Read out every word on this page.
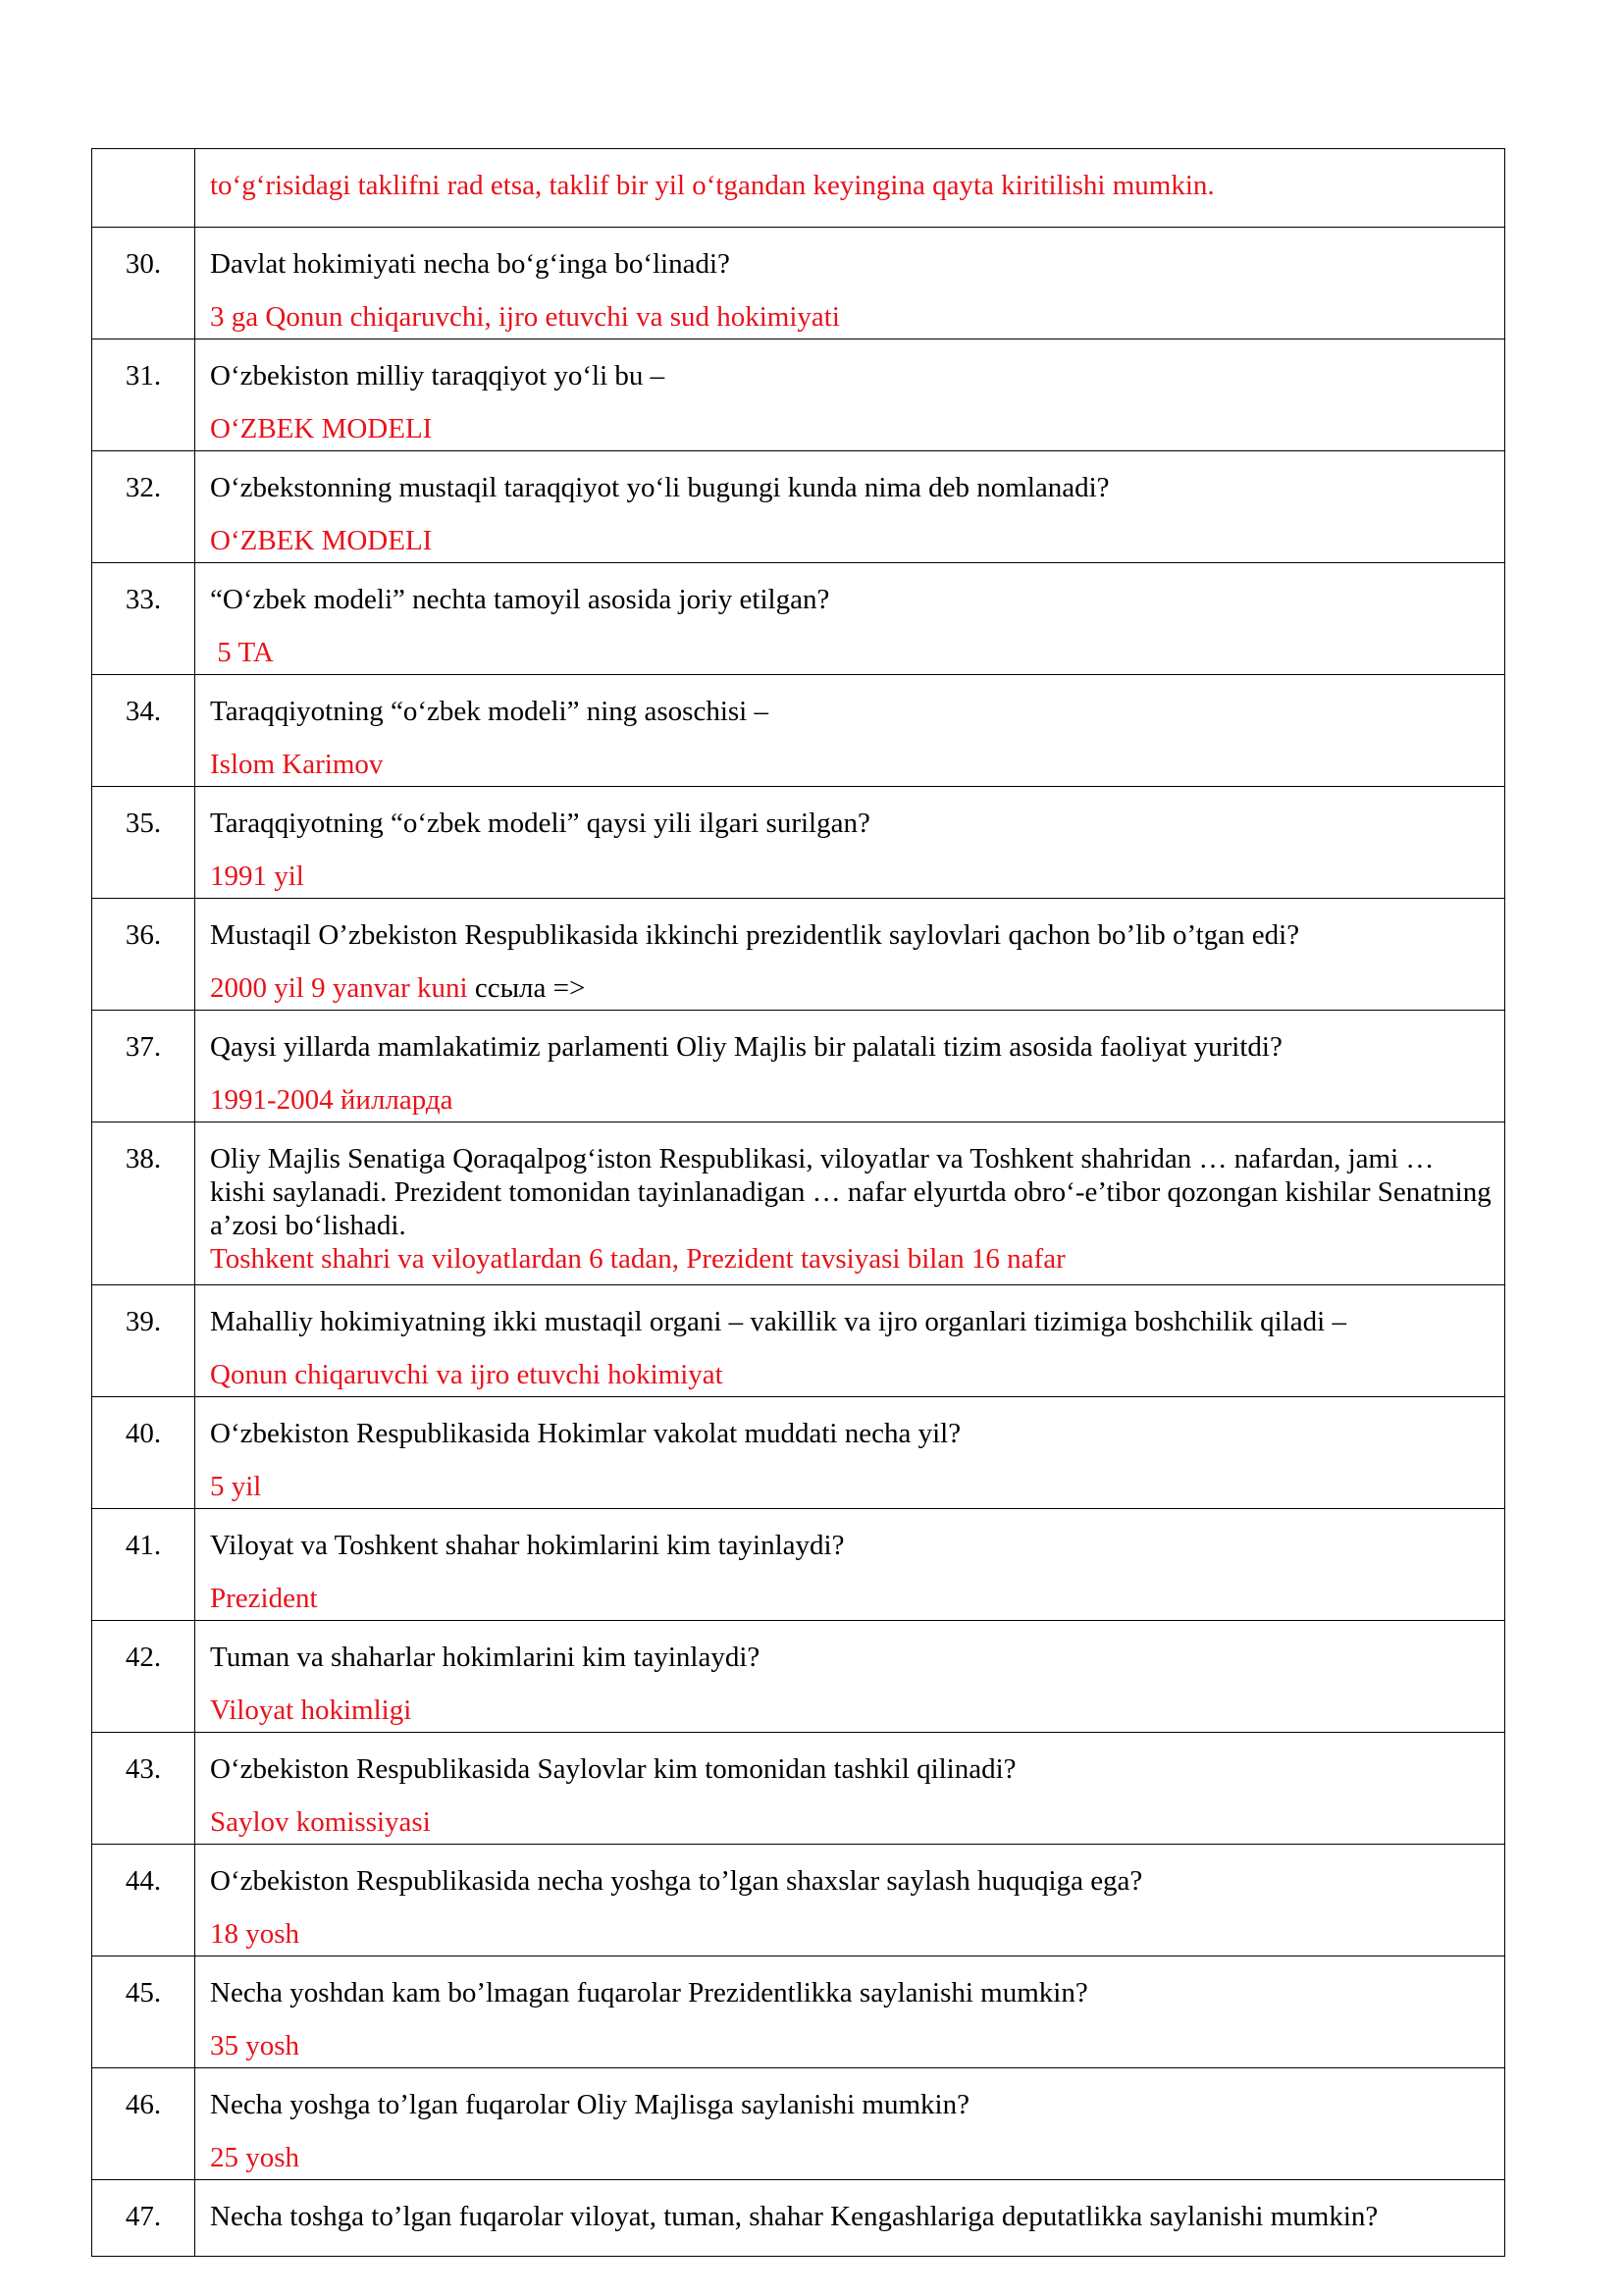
	to‘g‘risidagi taklifni rad etsa, taklif bir yil o‘tgandan keyingina qayta kiritilishi mumkin.

30.	Davlat hokimiyati necha bo‘g‘inga bo‘linadi?
3 ga Qonun chiqaruvchi, ijro etuvchi va sud hokimiyati

31.	O‘zbekiston milliy taraqqiyot yo‘li bu –
O‘ZBEK MODELI

32.	O‘zbekstonning mustaqil taraqqiyot yo‘li bugungi kunda nima deb nomlanadi?
O‘ZBEK MODELI

33.	“O‘zbek modeli” nechta tamoyil asosida joriy etilgan?
5 TA

34.	Taraqqiyotning “o‘zbek modeli” ning asoschisi –
Islom Karimov

35.	Taraqqiyotning “o‘zbek modeli” qaysi yili ilgari surilgan?
1991 yil

36.	Mustaqil O’zbekiston Respublikasida ikkinchi prezidentlik saylovlari qachon bo’lib o’tgan edi?
2000 yil 9 yanvar kuni ссыла =>

37.	Qaysi yillarda mamlakatimiz parlamenti Oliy Majlis bir palatali tizim asosida faoliyat yuritdi?
1991-2004 йилларда

38.	Oliy Majlis Senatiga Qoraqalpog‘iston Respublikasi, viloyatlar va Toshkent shahridan … nafardan, jami … kishi saylanadi. Prezident tomonidan tayinlanadigan … nafar elyurtda obro‘-e’tibor qozongan kishilar Senatning a’zosi bo‘lishadi.
Toshkent shahri va viloyatlardan 6 tadan, Prezident tavsiyasi bilan 16 nafar

39.	Mahalliy hokimiyatning ikki mustaqil organi – vakillik va ijro organlari tizimiga boshchilik qiladi –
Qonun chiqaruvchi va ijro etuvchi hokimiyat

40.	O‘zbekiston Respublikasida Hokimlar vakolat muddati necha yil?
5 yil

41.	Viloyat va Toshkent shahar hokimlarini kim tayinlaydi?
Prezident

42.	Tuman va shaharlar hokimlarini kim tayinlaydi?
Viloyat hokimligi

43.	O‘zbekiston Respublikasida Saylovlar kim tomonidan tashkil qilinadi?
Saylov komissiyasi

44.	O‘zbekiston Respublikasida necha yoshga to’lgan shaxslar saylash huquqiga ega?
18 yosh

45.	Necha yoshdan kam bo’lmagan fuqarolar Prezidentlikka saylanishi mumkin?
35 yosh

46.	Necha yoshga to’lgan fuqarolar Oliy Majlisga saylanishi mumkin?
25 yosh

47.	Necha toshga to’lgan fuqarolar viloyat, tuman, shahar Kengashlariga deputatlikka saylanishi mumkin?
